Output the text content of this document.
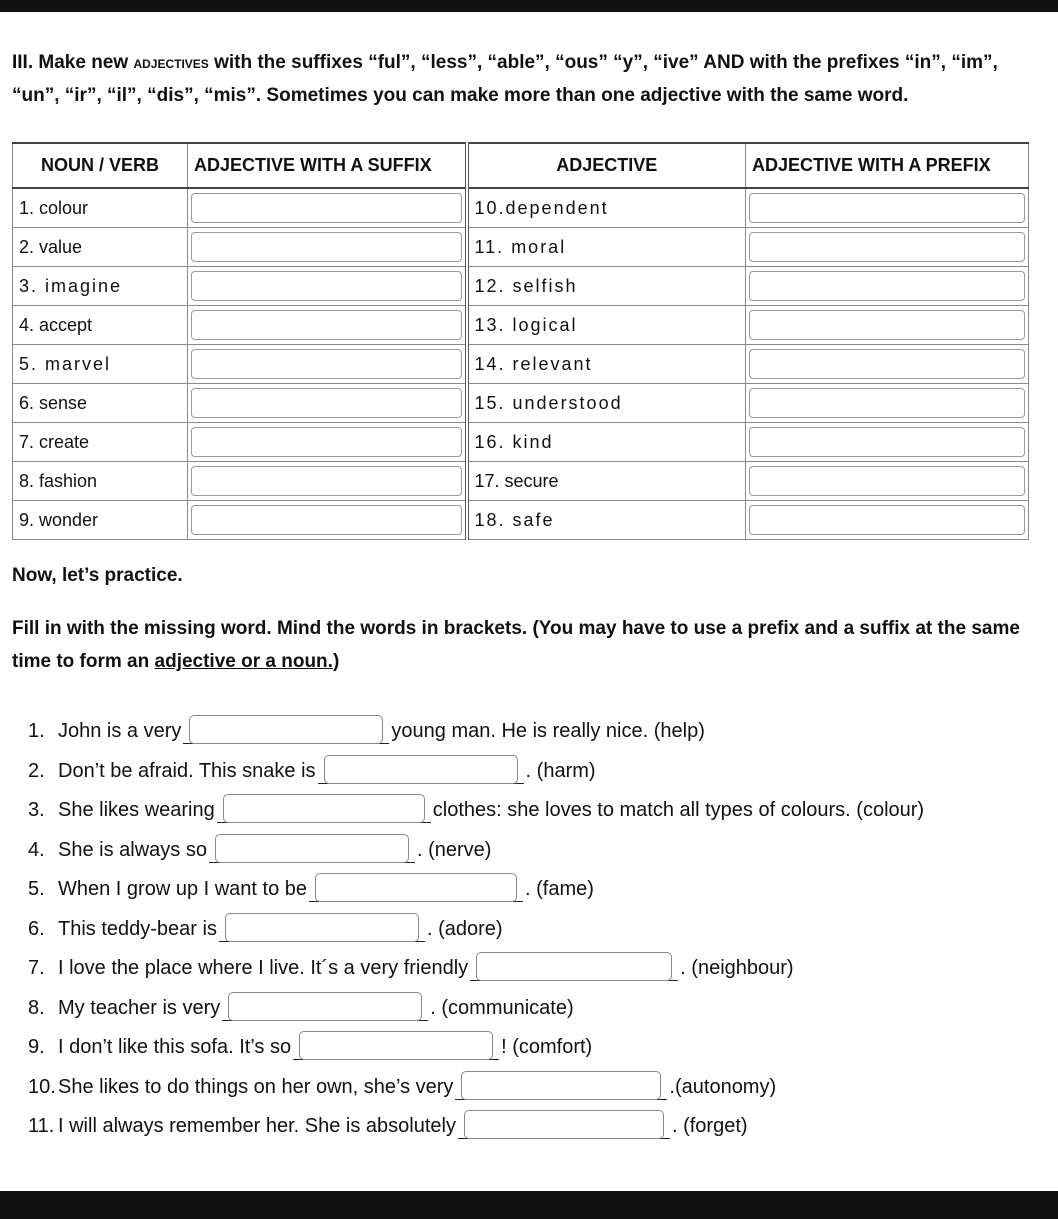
III. Make new adjectives with the suffixes “ful”, “less”, “able”, “ous” “y”, “ive” AND with the prefixes “in”, “im”,
“un”, “ir”, “il”, “dis”, “mis”. Sometimes you can make more than one adjective with the same word.
NOUN / VERB	ADJECTIVE WITH A SUFFIX	ADJECTIVE	ADJECTIVE WITH A PREFIX
1. colour		10.dependent	

2. value		11. moral	

3. imagine		12. selfish	

4. accept		13. logical	

5. marvel		14. relevant	

6. sense		15. understood	

7. create		16. kind	

8. fashion		17. secure	

9. wonder		18. safe	
Now, let’s practice.
Fill in with the missing word. Mind the words in brackets. (You may have to use a prefix and a suffix at the same
time to form an adjective or a noun.)
1. John is a very	young man. He is really nice. (help)
2. Don’t be afraid. This snake is	. (harm)
3. She likes wearing	clothes: she loves to match all types of colours. (colour)
4. She is always so	. (nerve)
5. When I grow up I want to be	. (fame)
6. This teddy-bear is	. (adore)
7. I love the place where I live. It´s a very friendly	. (neighbour)
8. My teacher is very	. (communicate)
9. I don’t like this sofa. It’s so	! (comfort)
10. She likes to do things on her own, she’s very	.(autonomy)
11. I will always remember her. She is absolutely	. (forget)
